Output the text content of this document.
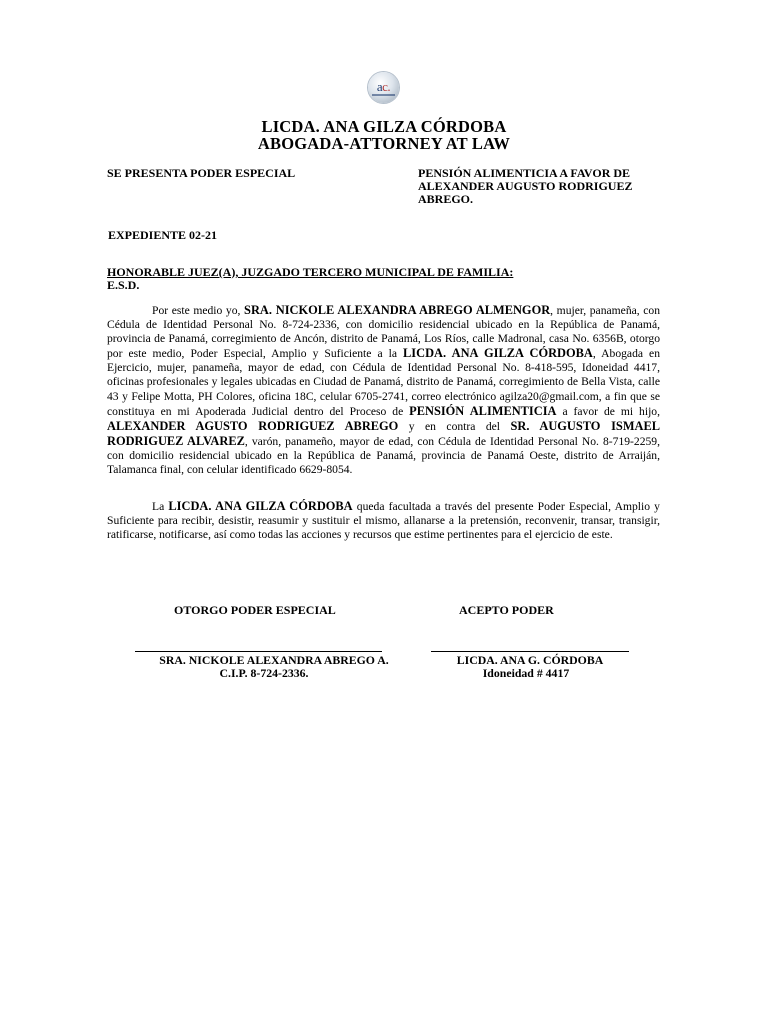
ac.
LICDA. ANA GILZA CÓRDOBA
ABOGADA-ATTORNEY AT LAW
SE PRESENTA PODER ESPECIAL	PENSIÓN ALIMENTICIA A FAVOR DE ALEXANDER AUGUSTO RODRIGUEZ ABREGO.
EXPEDIENTE 02-21
HONORABLE JUEZ(A), JUZGADO TERCERO MUNICIPAL DE FAMILIA:
E.S.D.
Por este medio yo, SRA. NICKOLE ALEXANDRA ABREGO ALMENGOR, mujer, panameña, con Cédula de Identidad Personal No. 8-724-2336, con domicilio residencial ubicado en la República de Panamá, provincia de Panamá, corregimiento de Ancón, distrito de Panamá, Los Ríos, calle Madronal, casa No. 6356B, otorgo por este medio, Poder Especial, Amplio y Suficiente a la LICDA. ANA GILZA CÓRDOBA, Abogada en Ejercicio, mujer, panameña, mayor de edad, con Cédula de Identidad Personal No. 8-418-595, Idoneidad 4417, oficinas profesionales y legales ubicadas en Ciudad de Panamá, distrito de Panamá, corregimiento de Bella Vista, calle 43 y Felipe Motta, PH Colores, oficina 18C, celular 6705-2741, correo electrónico agilza20@gmail.com, a fin que se constituya en mi Apoderada Judicial dentro del Proceso de PENSIÓN ALIMENTICIA a favor de mi hijo, ALEXANDER AGUSTO RODRIGUEZ ABREGO y en contra del SR. AUGUSTO ISMAEL RODRIGUEZ ALVAREZ, varón, panameño, mayor de edad, con Cédula de Identidad Personal No. 8-719-2259, con domicilio residencial ubicado en la República de Panamá, provincia de Panamá Oeste, distrito de Arraiján, Talamanca final, con celular identificado 6629-8054.
La LICDA. ANA GILZA CÓRDOBA queda facultada a través del presente Poder Especial, Amplio y Suficiente para recibir, desistir, reasumir y sustituir el mismo, allanarse a la pretensión, reconvenir, transar, transigir, ratificarse, notificarse, así como todas las acciones y recursos que estime pertinentes para el ejercicio de este.
OTORGO PODER ESPECIAL	ACEPTO PODER
SRA. NICKOLE ALEXANDRA ABREGO A.
C.I.P. 8-724-2336.
LICDA. ANA G. CÓRDOBA
Idoneidad # 4417
